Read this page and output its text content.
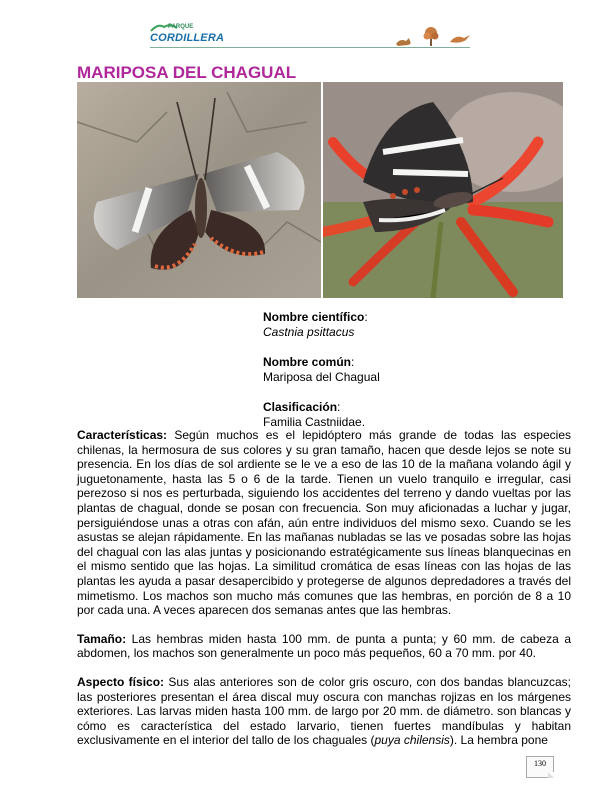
PARQUE
CORDILLERA
MARIPOSA DEL CHAGUAL
Nombre científico:
Castnia psittacus
Nombre común:
Mariposa del Chagual
Clasificación:
Familia Castniidae.

Características: Según muchos es el lepidóptero más grande de todas las especies chilenas, la hermosura de sus colores y su gran tamaño, hacen que desde lejos se note su presencia. En los días de sol ardiente se le ve a eso de las 10 de la mañana volando ágil y juguetonamente, hasta las 5 o 6 de la tarde. Tienen un vuelo tranquilo e irregular, casi perezoso si nos es perturbada, siguiendo los accidentes del terreno y dando vueltas por las plantas de chagual, donde se posan con frecuencia. Son muy aficionadas a luchar y jugar, persiguiéndose unas a otras con afán, aún entre individuos del mismo sexo. Cuando se les asustas se alejan rápidamente. En las mañanas nubladas se las ve posadas sobre las hojas del chagual con las alas juntas y posicionando estratégicamente sus líneas blanquecinas en el mismo sentido que las hojas. La similitud cromática de esas líneas con las hojas de las plantas les ayuda a pasar desapercibido y protegerse de algunos depredadores a través del mimetismo. Los machos son mucho más comunes que las hembras, en porción de 8 a 10 por cada una. A veces aparecen dos semanas antes que las hembras.

Tamaño: Las hembras miden hasta 100 mm. de punta a punta; y 60 mm. de cabeza a abdomen, los machos son generalmente un poco más pequeños, 60 a 70 mm. por 40.

Aspecto físico: Sus alas anteriores son de color gris oscuro, con dos bandas blancuzcas; las posteriores presentan el área discal muy oscura con manchas rojizas en los márgenes exteriores. Las larvas miden hasta 100 mm. de largo por 20 mm. de diámetro. son blancas y cómo es característica del estado larvario, tienen fuertes mandíbulas y habitan exclusivamente en el interior del tallo de los chaguales (puya chilensis). La hembra pone

130
